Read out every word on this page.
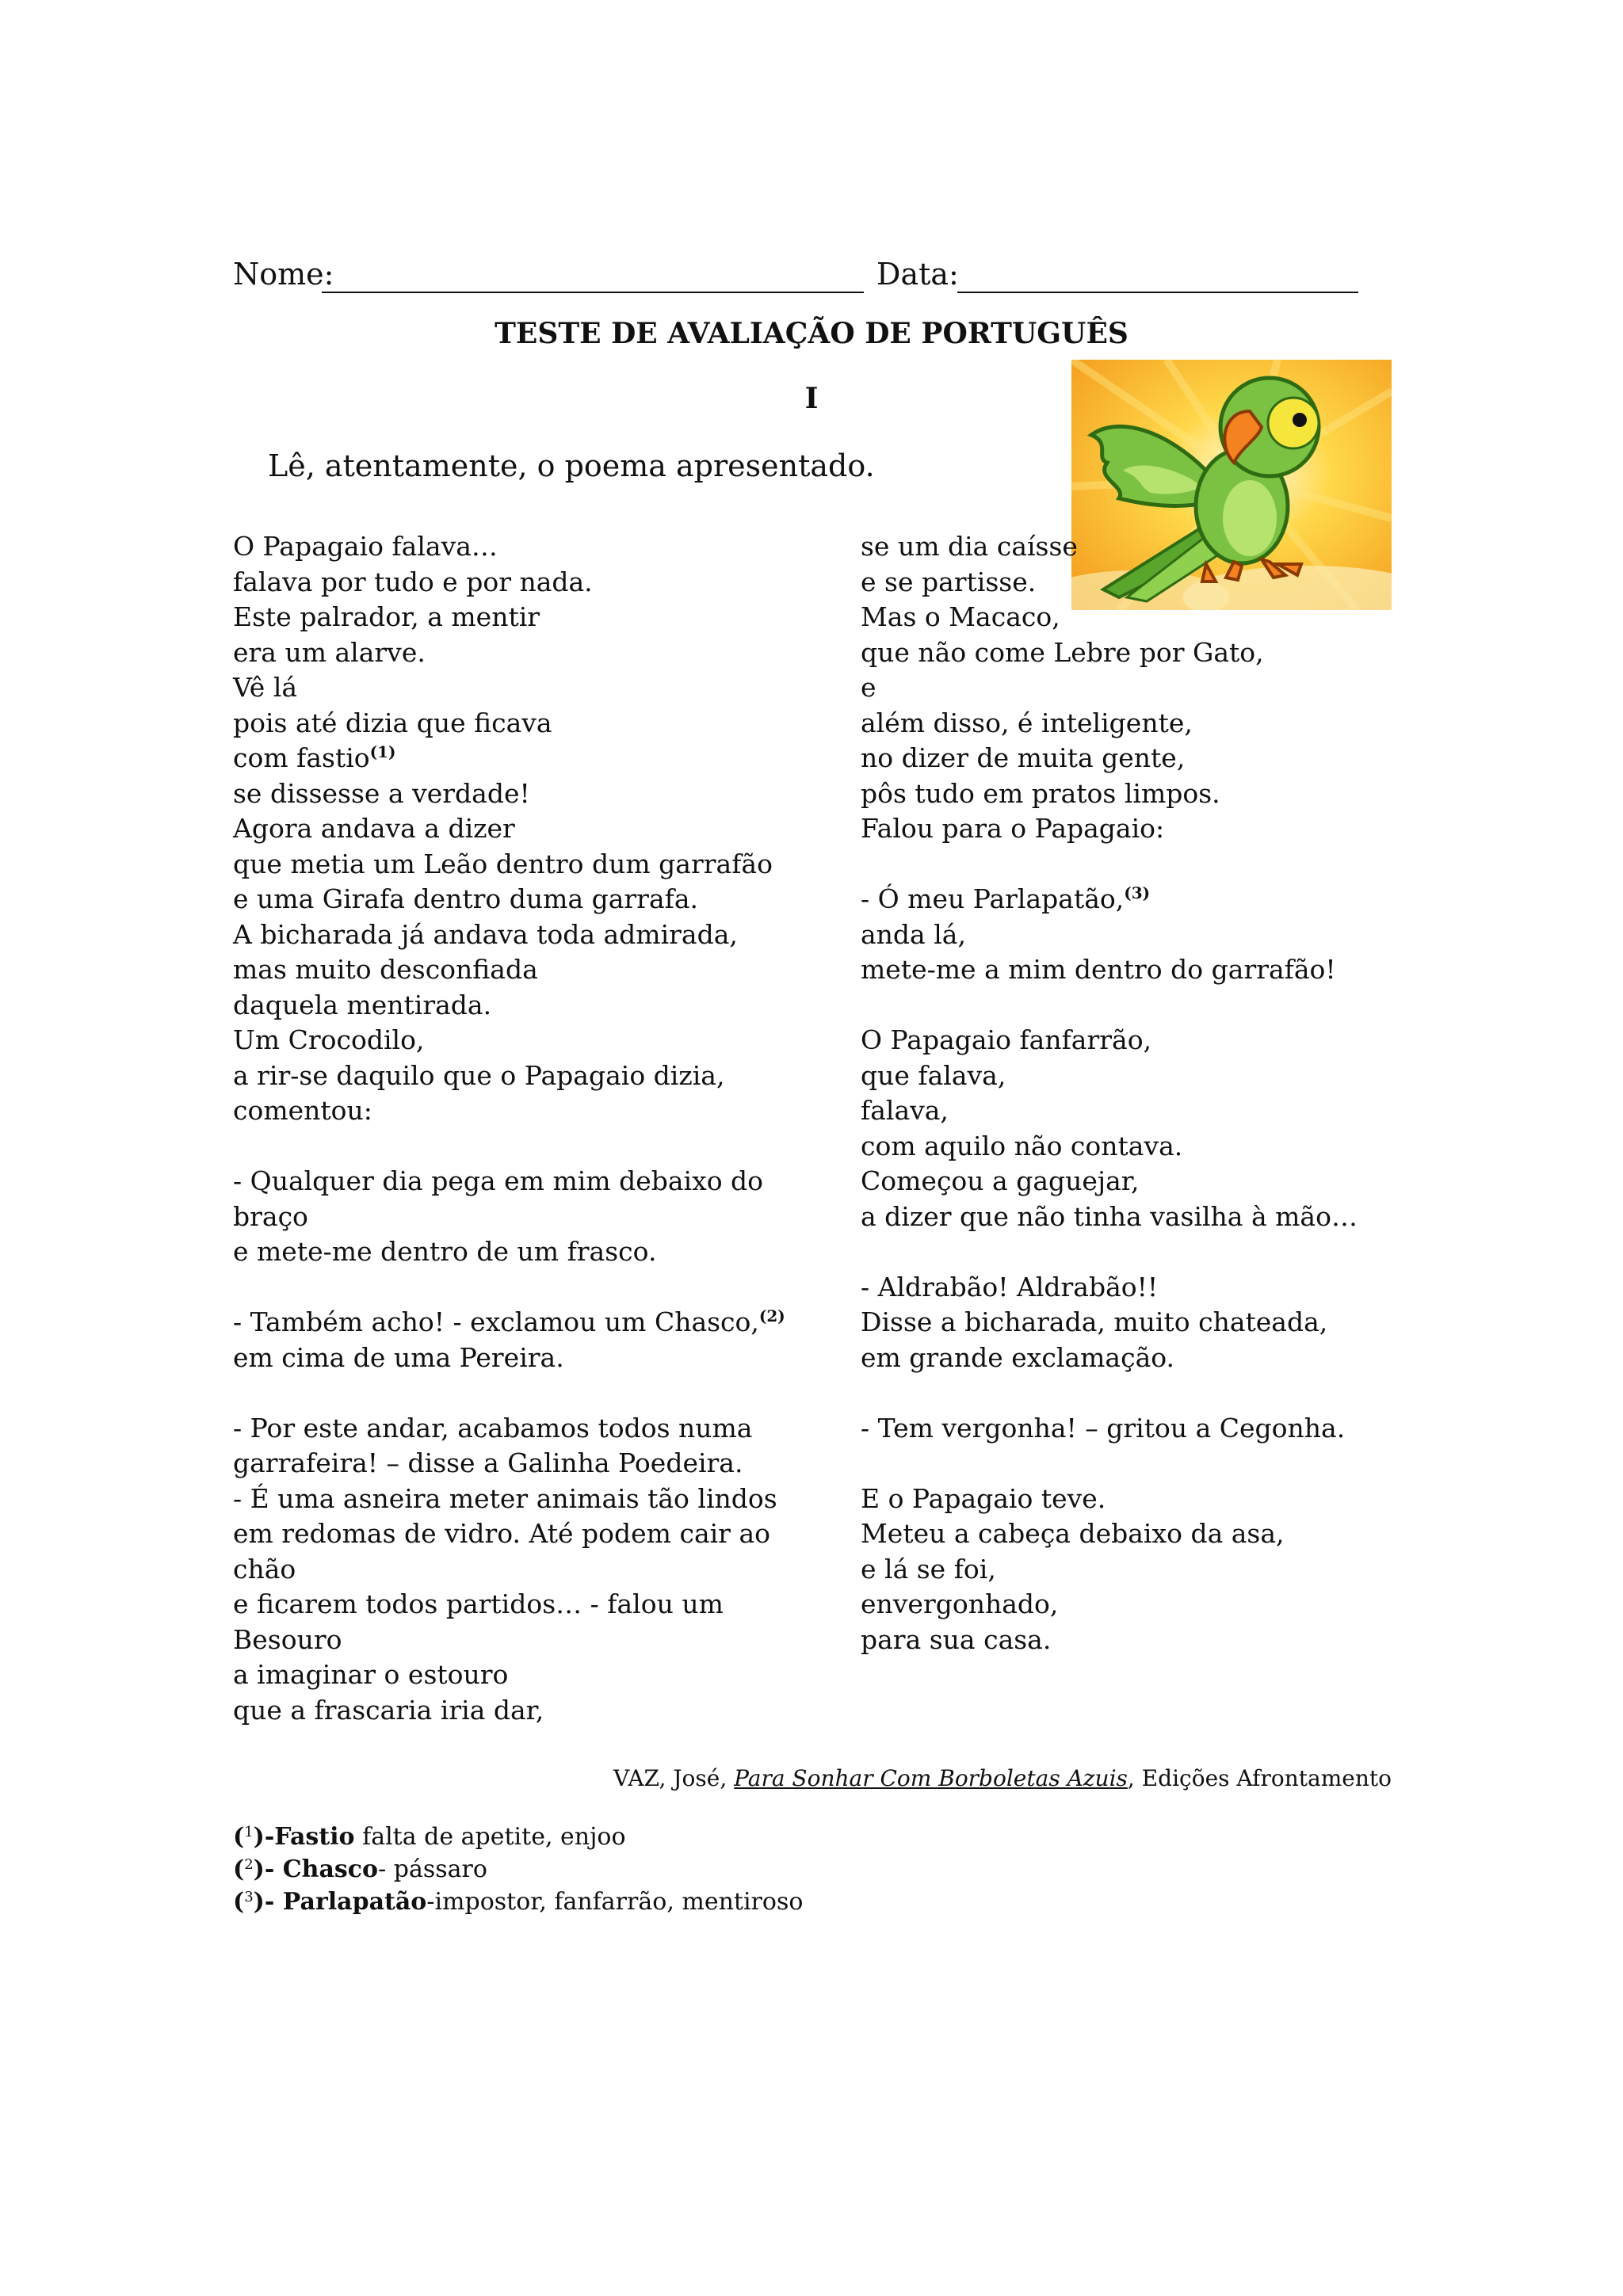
Nome:	Data:
TESTE DE AVALIAÇÃO DE PORTUGUÊS
I
Lê, atentamente, o poema apresentado.
O Papagaio falava…
falava por tudo e por nada.
Este palrador, a mentir
era um alarve.
Vê lá
pois até dizia que ficava
com fastio$^{(1)}$
se dissesse a verdade!
Agora andava a dizer
que metia um Leão dentro dum garrafão
e uma Girafa dentro duma garrafa.
A bicharada já andava toda admirada,
mas muito desconfiada
daquela mentirada.
Um Crocodilo,
a rir-se daquilo que o Papagaio dizia,
comentou:
- Qualquer dia pega em mim debaixo do
braço
e mete-me dentro de um frasco.
- Também acho! - exclamou um Chasco,$^{(2)}$
em cima de uma Pereira.
- Por este andar, acabamos todos numa
garrafeira! – disse a Galinha Poedeira.
- É uma asneira meter animais tão lindos
em redomas de vidro. Até podem cair ao
chão
e ficarem todos partidos… - falou um
Besouro
a imaginar o estouro
que a frascaria iria dar,
se um dia caísse
e se partisse.
Mas o Macaco,
que não come Lebre por Gato,
e
além disso, é inteligente,
no dizer de muita gente,
pôs tudo em pratos limpos.
Falou para o Papagaio:
- Ó meu Parlapatão,$^{(3)}$
anda lá,
mete-me a mim dentro do garrafão!
O Papagaio fanfarrão,
que falava,
falava,
com aquilo não contava.
Começou a gaguejar,
a dizer que não tinha vasilha à mão…
- Aldrabão! Aldrabão!!
Disse a bicharada, muito chateada,
em grande exclamação.
- Tem vergonha! – gritou a Cegonha.
E o Papagaio teve.
Meteu a cabeça debaixo da asa,
e lá se foi,
envergonhado,
para sua casa.
VAZ, José, Para Sonhar Com Borboletas Azuis, Edições Afrontamento
($^1$)-Fastio falta de apetite, enjoo
($^2$)- Chasco- pássaro
($^3$)- Parlapatão-impostor, fanfarrão, mentiroso
